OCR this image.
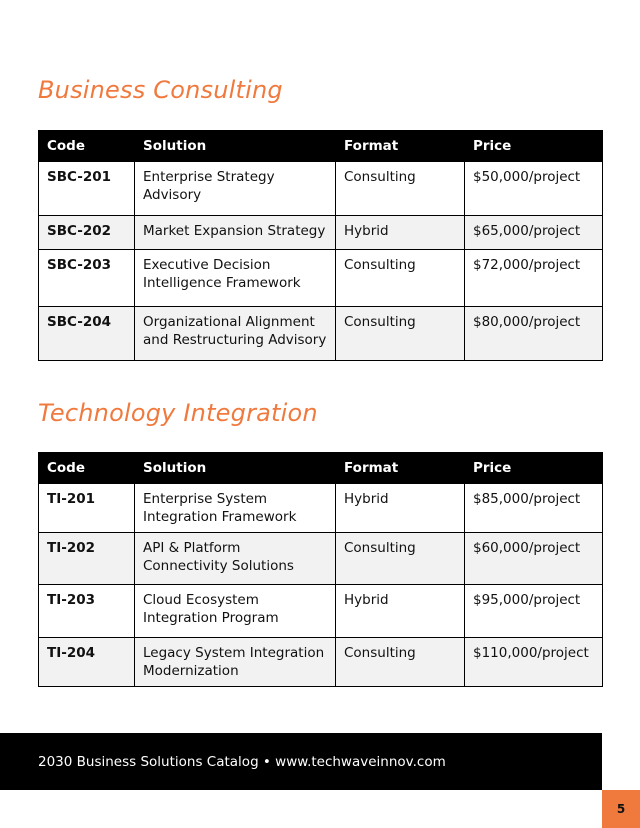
Business Consulting
Code	Solution	Format	Price
SBC-201	Enterprise Strategy Advisory	Consulting	$50,000/project
SBC-202	Market Expansion Strategy	Hybrid	$65,000/project
SBC-203	Executive Decision Intelligence Framework	Consulting	$72,000/project
SBC-204	Organizational Alignment and Restructuring Advisory	Consulting	$80,000/project
Technology Integration
Code	Solution	Format	Price
TI-201	Enterprise System Integration Framework	Hybrid	$85,000/project
TI-202	API & Platform Connectivity Solutions	Consulting	$60,000/project
TI-203	Cloud Ecosystem Integration Program	Hybrid	$95,000/project
TI-204	Legacy System Integration Modernization	Consulting	$110,000/project
2030 Business Solutions Catalog • www.techwaveinnov.com
5
